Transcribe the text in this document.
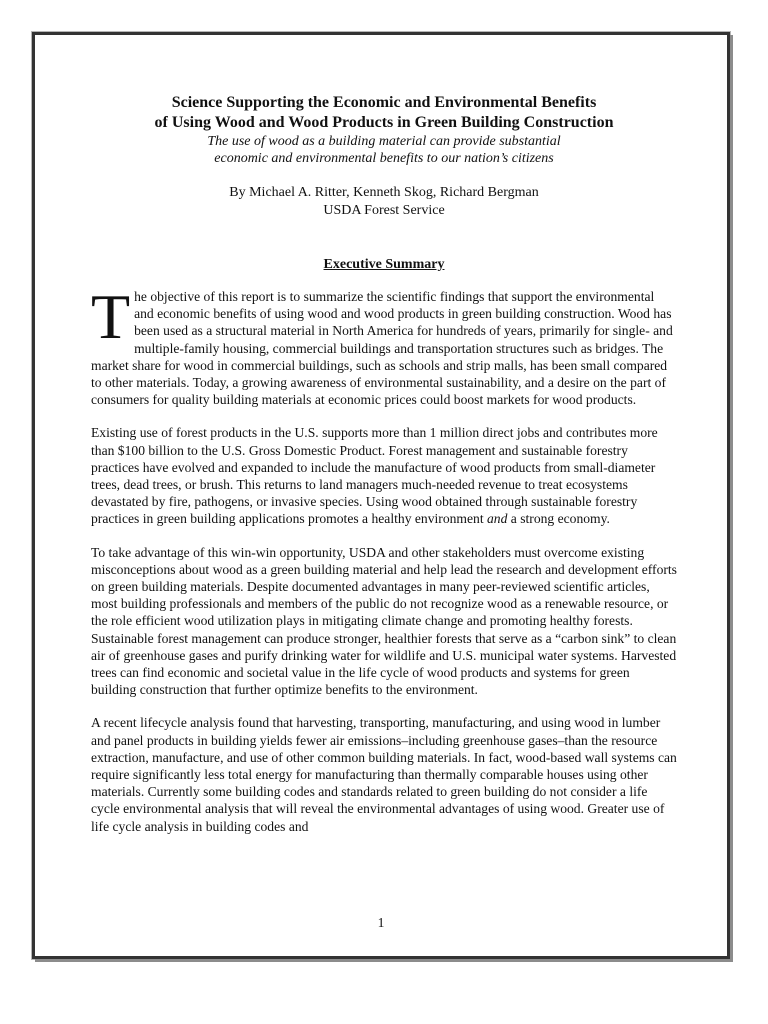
Science Supporting the Economic and Environmental Benefits
of Using Wood and Wood Products in Green Building Construction

The use of wood as a building material can provide substantial
economic and environmental benefits to our nation’s citizens

By Michael A. Ritter, Kenneth Skog, Richard Bergman
USDA Forest Service

Executive Summary

The objective of this report is to summarize the scientific findings that support the environmental and economic benefits of using wood and wood products in green building construction. Wood has been used as a structural material in North America for hundreds of years, primarily for single- and multiple-family housing, commercial buildings and transportation structures such as bridges. The market share for wood in commercial buildings, such as schools and strip malls, has been small compared to other materials. Today, a growing awareness of environmental sustainability, and a desire on the part of consumers for quality building materials at economic prices could boost markets for wood products.

Existing use of forest products in the U.S. supports more than 1 million direct jobs and contributes more than $100 billion to the U.S. Gross Domestic Product. Forest management and sustainable forestry practices have evolved and expanded to include the manufacture of wood products from small-diameter trees, dead trees, or brush. This returns to land managers much-needed revenue to treat ecosystems devastated by fire, pathogens, or invasive species. Using wood obtained through sustainable forestry practices in green building applications promotes a healthy environment and a strong economy.

To take advantage of this win-win opportunity, USDA and other stakeholders must overcome existing misconceptions about wood as a green building material and help lead the research and development efforts on green building materials. Despite documented advantages in many peer-reviewed scientific articles, most building professionals and members of the public do not recognize wood as a renewable resource, or the role efficient wood utilization plays in mitigating climate change and promoting healthy forests. Sustainable forest management can produce stronger, healthier forests that serve as a “carbon sink” to clean air of greenhouse gases and purify drinking water for wildlife and U.S. municipal water systems. Harvested trees can find economic and societal value in the life cycle of wood products and systems for green building construction that further optimize benefits to the environment.

A recent lifecycle analysis found that harvesting, transporting, manufacturing, and using wood in lumber and panel products in building yields fewer air emissions–including greenhouse gases–than the resource extraction, manufacture, and use of other common building materials. In fact, wood-based wall systems can require significantly less total energy for manufacturing than thermally comparable houses using other materials. Currently some building codes and standards related to green building do not consider a life cycle environmental analysis that will reveal the environmental advantages of using wood. Greater use of life cycle analysis in building codes and

1
